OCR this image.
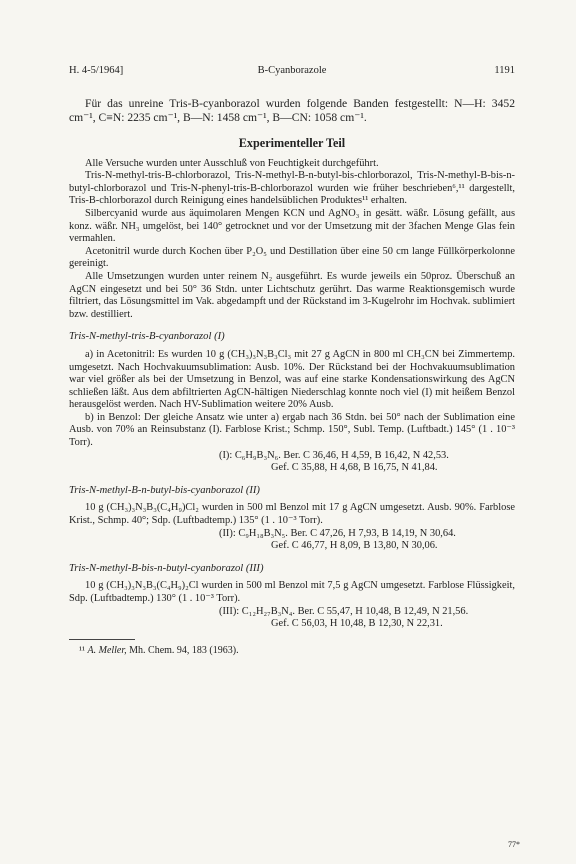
H. 4-5/1964]	B-Cyanborazole	1191

Für das unreine Tris-B-cyanborazol wurden folgende Banden festgestellt: N—H: 3452 cm⁻¹, C≡N: 2235 cm⁻¹, B—N: 1458 cm⁻¹, B—CN: 1058 cm⁻¹.

Experimenteller Teil

Alle Versuche wurden unter Ausschluß von Feuchtigkeit durchgeführt.

Tris-N-methyl-tris-B-chlorborazol, Tris-N-methyl-B-n-butyl-bis-chlorborazol, Tris-N-methyl-B-bis-n-butyl-chlorborazol und Tris-N-phenyl-tris-B-chlorborazol wurden wie früher beschrieben⁶,¹¹ dargestellt, Tris-B-chlorborazol durch Reinigung eines handelsüblichen Produktes¹¹ erhalten.

Silbercyanid wurde aus äquimolaren Mengen KCN und AgNO₃ in gesätt. wäßr. Lösung gefällt, aus konz. wäßr. NH₃ umgelöst, bei 140° getrocknet und vor der Umsetzung mit der 3fachen Menge Glas fein vermahlen.

Acetonitril wurde durch Kochen über P₂O₅ und Destillation über eine 50 cm lange Füllkörperkolonne gereinigt.

Alle Umsetzungen wurden unter reinem N₂ ausgeführt. Es wurde jeweils ein 50proz. Überschuß an AgCN eingesetzt und bei 50° 36 Stdn. unter Lichtschutz gerührt. Das warme Reaktionsgemisch wurde filtriert, das Lösungsmittel im Vak. abgedampft und der Rückstand im 3-Kugelrohr im Hochvak. sublimiert bzw. destilliert.

Tris-N-methyl-tris-B-cyanborazol (I)

a) in Acetonitril: Es wurden 10 g (CH₃)₃N₃B₃Cl₃ mit 27 g AgCN in 800 ml CH₃CN bei Zimmertemp. umgesetzt. Nach Hochvakuumsublimation: Ausb. 10%. Der Rückstand bei der Hochvakuumsublimation war viel größer als bei der Umsetzung in Benzol, was auf eine starke Kondensationswirkung des AgCN schließen läßt. Aus dem abfiltrierten AgCN-hältigen Niederschlag konnte noch viel (I) mit heißem Benzol herausgelöst werden. Nach HV-Sublimation weitere 20% Ausb.

b) in Benzol: Der gleiche Ansatz wie unter a) ergab nach 36 Stdn. bei 50° nach der Sublimation eine Ausb. von 70% an Reinsubstanz (I). Farblose Krist.; Schmp. 150°, Subl. Temp. (Luftbadt.) 145° (1 . 10⁻³ Torr).

(I): C₆H₉B₃N₆. Ber. C 36,46, H 4,59, B 16,42, N 42,53.
Gef. C 35,88, H 4,68, B 16,75, N 41,84.
Tris-N-methyl-B-n-butyl-bis-cyanborazol (II)

10 g (CH₃)₃N₃B₃(C₄H₉)Cl₂ wurden in 500 ml Benzol mit 17 g AgCN umgesetzt. Ausb. 90%. Farblose Krist., Schmp. 40°; Sdp. (Luftbadtemp.) 135° (1 . 10⁻³ Torr).

(II): C₉H₁₈B₃N₅. Ber. C 47,26, H 7,93, B 14,19, N 30,64.
Gef. C 46,77, H 8,09, B 13,80, N 30,06.
Tris-N-methyl-B-bis-n-butyl-cyanborazol (III)

10 g (CH₃)₃N₃B₃(C₄H₉)₂Cl wurden in 500 ml Benzol mit 7,5 g AgCN umgesetzt. Farblose Flüssigkeit, Sdp. (Luftbadtemp.) 130° (1 . 10⁻³ Torr).

(III): C₁₂H₂₇B₃N₄. Ber. C 55,47, H 10,48, B 12,49, N 21,56.
Gef. C 56,03, H 10,48, B 12,30, N 22,31.

¹¹ A. Meller, Mh. Chem. 94, 183 (1963).

77*
